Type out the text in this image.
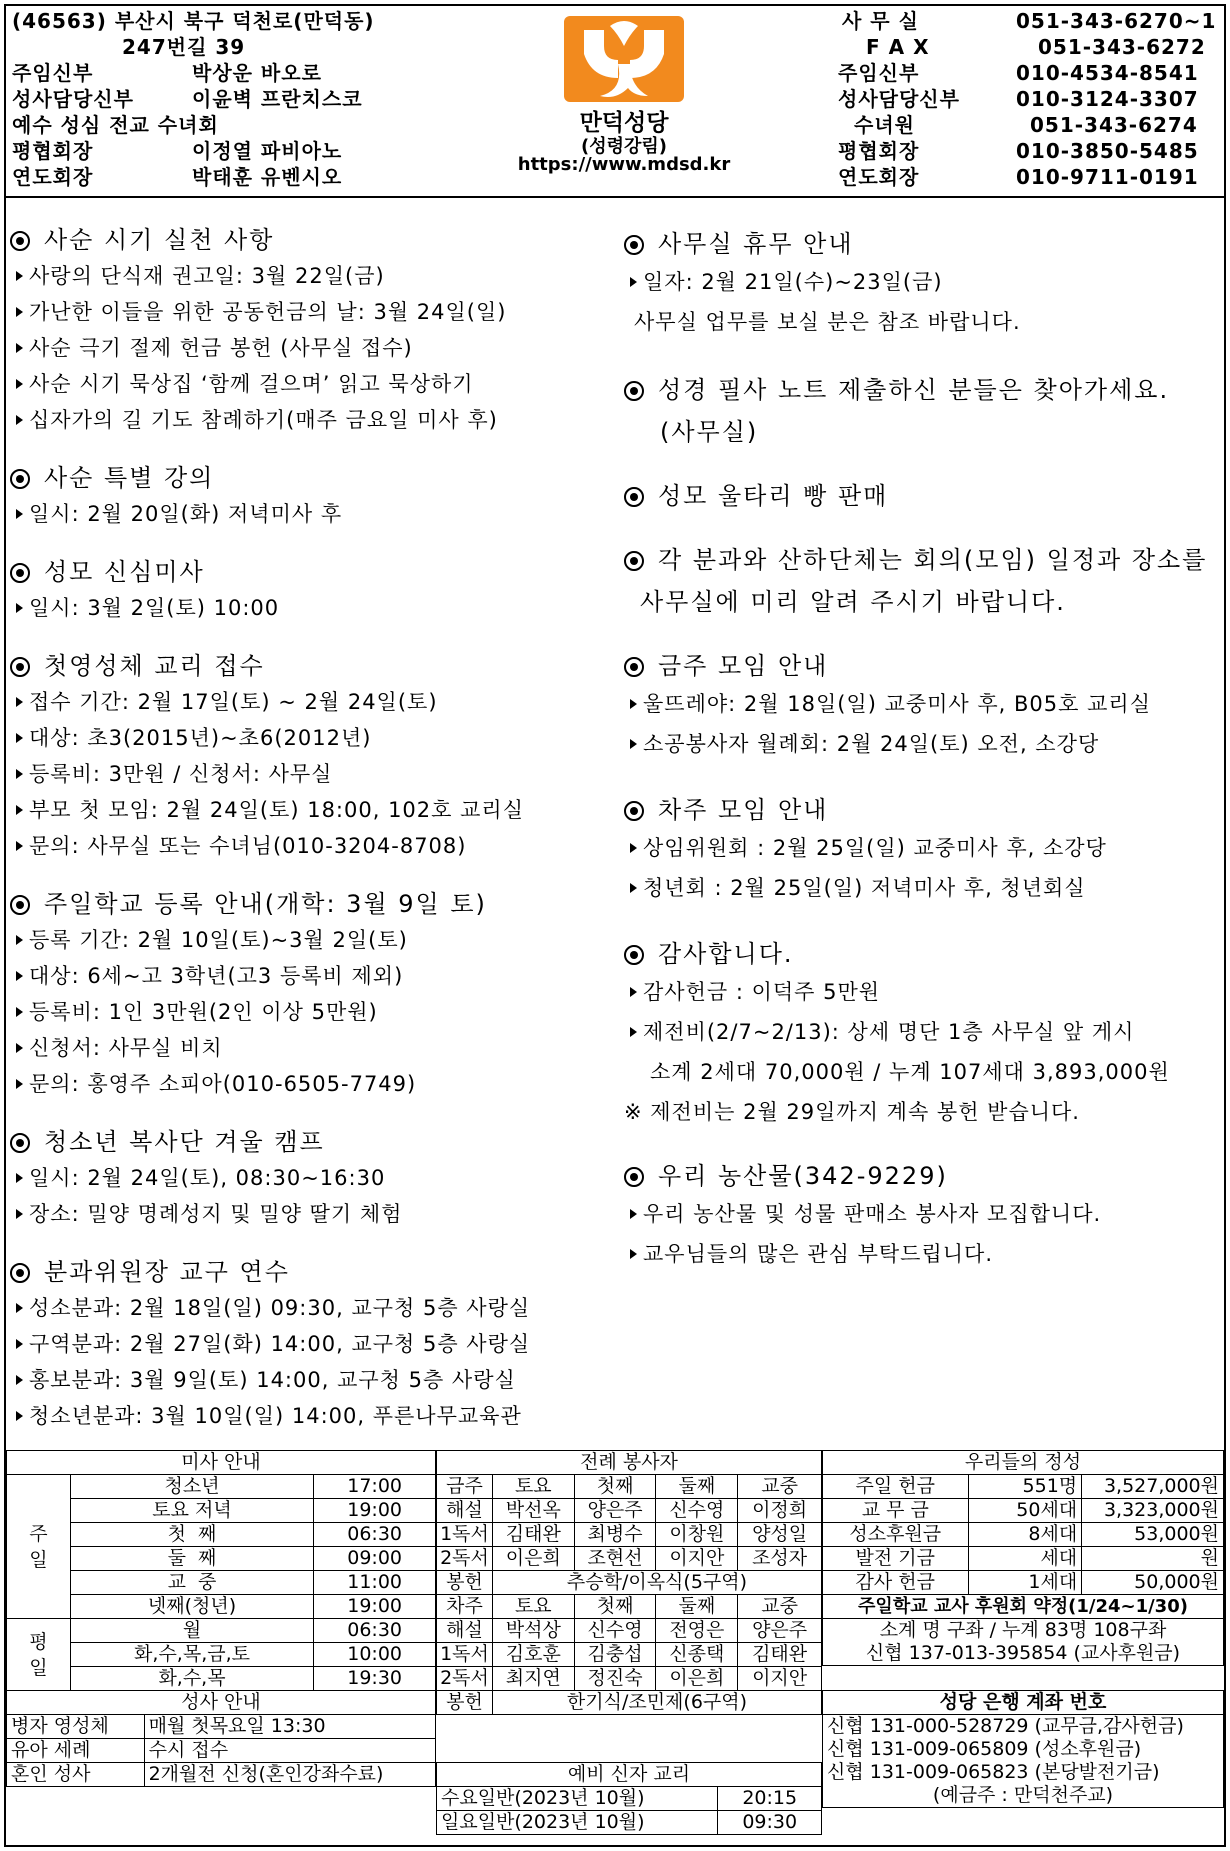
(46563) 부산시 북구 덕천로(만덕동)
247번길 39
주임신부	박상운 바오로
성사담당신부	이윤벽 프란치스코
예수 성심 전교 수녀회
평협회장	이정열 파비아노
연도회장	박태훈 유벤시오
만덕성당
(성령강림)
https://www.mdsd.kr
사 무 실	051-343-6270~1
F A X	051-343-6272
주임신부	010-4534-8541
성사담당신부	010-3124-3307
수녀원	051-343-6274
평협회장	010-3850-5485
연도회장	010-9711-0191
사순 시기 실천 사항
사랑의 단식재 권고일: 3월 22일(금)
가난한 이들을 위한 공동헌금의 날: 3월 24일(일)
사순 극기 절제 헌금 봉헌 (사무실 접수)
사순 시기 묵상집 ‘함께 걸으며’ 읽고 묵상하기
십자가의 길 기도 참례하기(매주 금요일 미사 후)
사순 특별 강의
일시: 2월 20일(화) 저녁미사 후
성모 신심미사
일시: 3월 2일(토) 10:00
첫영성체 교리 접수
접수 기간: 2월 17일(토) ~ 2월 24일(토)
대상: 초3(2015년)~초6(2012년)
등록비: 3만원 / 신청서: 사무실
부모 첫 모임: 2월 24일(토) 18:00, 102호 교리실
문의: 사무실 또는 수녀님(010-3204-8708)
주일학교 등록 안내(개학: 3월 9일 토)
등록 기간: 2월 10일(토)~3월 2일(토)
대상: 6세~고 3학년(고3 등록비 제외)
등록비: 1인 3만원(2인 이상 5만원)
신청서: 사무실 비치
문의: 홍영주 소피아(010-6505-7749)
청소년 복사단 겨울 캠프
일시: 2월 24일(토), 08:30~16:30
장소: 밀양 명례성지 및 밀양 딸기 체험
분과위원장 교구 연수
성소분과: 2월 18일(일) 09:30, 교구청 5층 사랑실
구역분과: 2월 27일(화) 14:00, 교구청 5층 사랑실
홍보분과: 3월 9일(토) 14:00, 교구청 5층 사랑실
청소년분과: 3월 10일(일) 14:00, 푸른나무교육관
사무실 휴무 안내
일자: 2월 21일(수)~23일(금)
사무실 업무를 보실 분은 참조 바랍니다.
성경 필사 노트 제출하신 분들은 찾아가세요.
(사무실)
성모 울타리 빵 판매
각 분과와 산하단체는 회의(모임) 일정과 장소를
사무실에 미리 알려 주시기 바랍니다.
금주 모임 안내
울뜨레야: 2월 18일(일) 교중미사 후, B05호 교리실
소공봉사자 월례회: 2월 24일(토) 오전, 소강당
차주 모임 안내
상임위원회 : 2월 25일(일) 교중미사 후, 소강당
청년회 : 2월 25일(일) 저녁미사 후, 청년회실
감사합니다.
감사헌금 : 이덕주 5만원
제전비(2/7~2/13): 상세 명단 1층 사무실 앞 게시
소계 2세대 70,000원 / 누계 107세대 3,893,000원
※ 제전비는 2월 29일까지 계속 봉헌 받습니다.
우리 농산물(342-9229)
우리 농산물 및 성물 판매소 봉사자 모집합니다.
교우님들의 많은 관심 부탁드립니다.
미사 안내		
주
일	청소년	17:00
	토요 저녁	19:00
	첫  째	06:30
	둘  째	09:00
	교  중	11:00
	넷째(청년)	19:00
평
일	월	06:30
	화,수,목,금,토	10:00
	화,수,목	19:30
성사 안내	
병자 영성체	매월 첫목요일 13:30
유아 세례	수시 접수
혼인 성사	2개월전 신청(혼인강좌수료)
전례 봉사자				
금주	토요	첫째	둘째	교중
해설	박선옥	양은주	신수영	이정희
1독서	김태완	최병수	이창원	양성일
2독서	이은희	조현선	이지안	조성자
봉헌	추승학/이옥식(5구역)			
차주	토요	첫째	둘째	교중
해설	박석상	신수영	전영은	양은주
1독서	김호훈	김충섭	신종택	김태완
2독서	최지연	정진숙	이은희	이지안
봉헌	한기식/조민제(6구역)			
예비 신자 교리	
수요일반(2023년 10월)	20:15
일요일반(2023년 10월)	09:30
우리들의 정성		
주일 헌금	551명	3,527,000원
교 무 금	50세대	3,323,000원
성소후원금	8세대	53,000원
발전 기금	세대	원
감사 헌금	1세대	50,000원
주일학교 교사 후원회 약정(1/24~1/30)		
소계 명 구좌 / 누계 83명 108구좌		
신협 137-013-395854 (교사후원금)		
성당 은행 계좌 번호
신협 131-000-528729 (교무금,감사헌금)
신협 131-009-065809 (성소후원금)
신협 131-009-065823 (본당발전기금)
(예금주 : 만덕천주교)
